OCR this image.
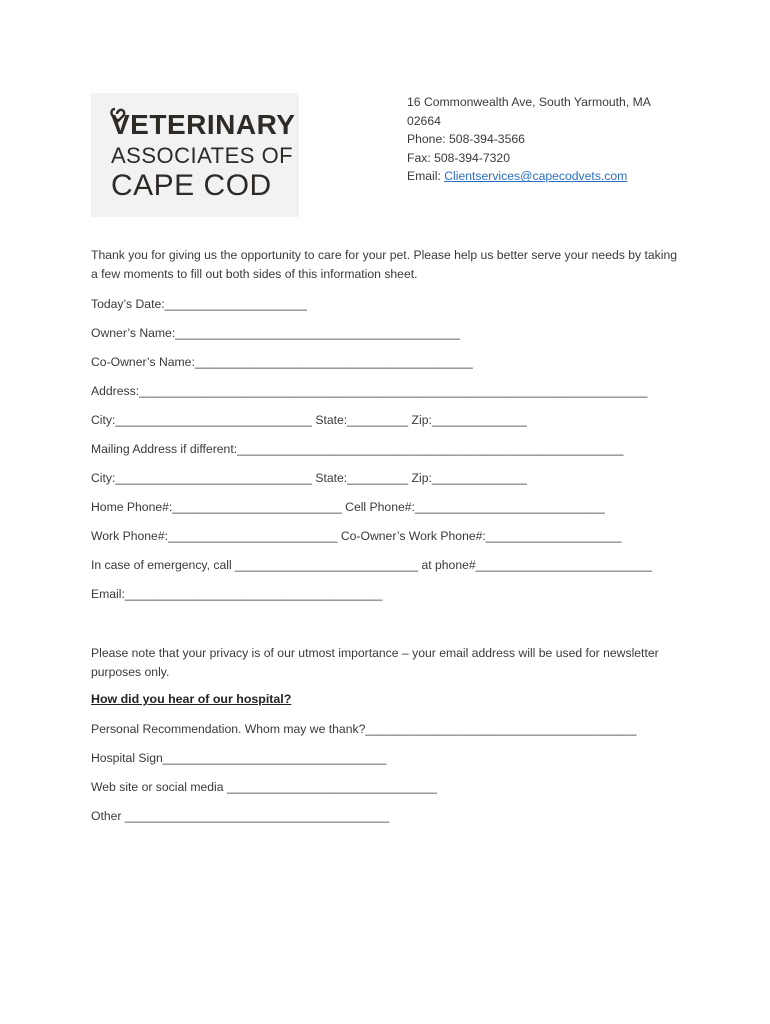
VETERINARY
ASSOCIATES OF
CAPE COD
16 Commonwealth Ave, South Yarmouth, MA
02664
Phone: 508-394-3566
Fax: 508-394-7320
Email: Clientservices@capecodvets.com
Thank you for giving us the opportunity to care for your pet. Please help us better serve your needs by taking a few moments to fill out both sides of this information sheet.
Today’s Date:_____________________
Owner’s Name:__________________________________________
Co-Owner’s Name:_________________________________________
Address:___________________________________________________________________________
City:_____________________________ State:_________ Zip:______________
Mailing Address if different:_________________________________________________________
City:_____________________________ State:_________ Zip:______________
Home Phone#:_________________________ Cell Phone#:____________________________
Work Phone#:_________________________ Co-Owner’s Work Phone#:____________________
In case of emergency, call ___________________________ at phone#__________________________
Email:______________________________________
Please note that your privacy is of our utmost importance – your email address will be used for newsletter purposes only.
How did you hear of our hospital?
Personal Recommendation. Whom may we thank?________________________________________
Hospital Sign_________________________________
Web site or social media _______________________________
Other _______________________________________
